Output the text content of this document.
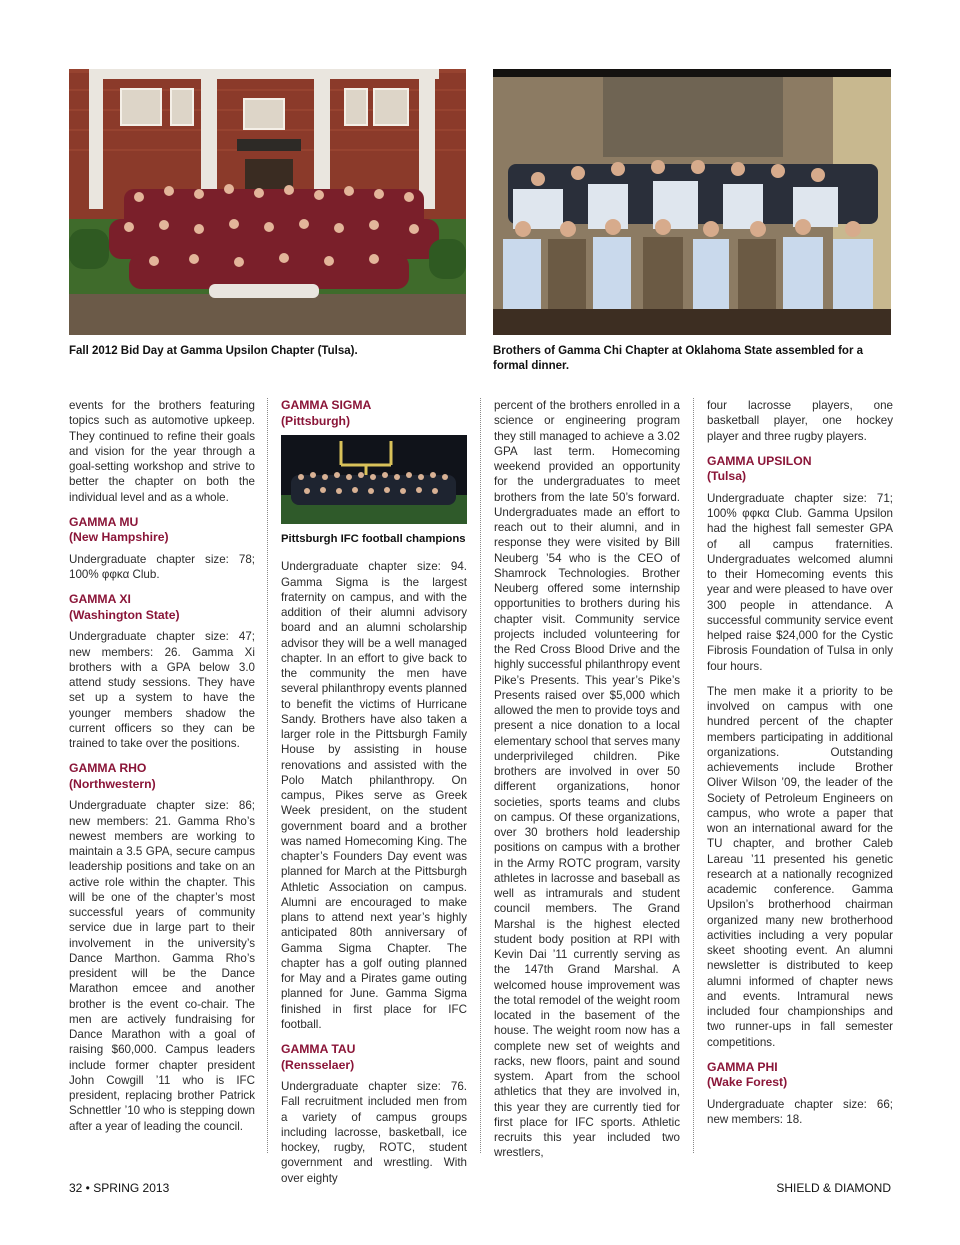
Fall 2012 Bid Day at Gamma Upsilon Chapter (Tulsa).	Brothers of Gamma Chi Chapter at Oklahoma State assembled for a formal dinner.

events for the brothers featuring topics such as automotive upkeep. They continued to refine their goals and vision for the year through a goal-setting workshop and strive to better the chapter on both the individual level and as a whole.

GAMMA MU
(New Hampshire)

Undergraduate chapter size: 78; 100% φφκα Club.

GAMMA XI
(Washington State)

Undergraduate chapter size: 47; new members: 26. Gamma Xi brothers with a GPA below 3.0 attend study sessions. They have set up a system to have the younger members shadow the current officers so they can be trained to take over the positions.

GAMMA RHO
(Northwestern)

Undergraduate chapter size: 86; new members: 21. Gamma Rho’s newest members are working to maintain a 3.5 GPA, secure campus leadership positions and take on an active role within the chapter. This will be one of the chapter’s most successful years of community service due in large part to their involvement in the university’s Dance Marthon. Gamma Rho’s president will be the Dance Marathon emcee and another brother is the event co-chair. The men are actively fundraising for Dance Marathon with a goal of raising $60,000. Campus leaders include former chapter president John Cowgill ’11 who is IFC president, replacing brother Patrick Schnettler ’10 who is stepping down after a year of leading the council.

GAMMA SIGMA
(Pittsburgh)
Pittsburgh IFC football champions

Undergraduate chapter size: 94. Gamma Sigma is the largest fraternity on campus, and with the addition of their alumni advisory board and an alumni scholarship advisor they will be a well managed chapter. In an effort to give back to the community the men have several philanthropy events planned to benefit the victims of Hurricane Sandy. Brothers have also taken a larger role in the Pittsburgh Family House by assisting in house renovations and assisted with the Polo Match philanthropy. On campus, Pikes serve as Greek Week president, on the student government board and a brother was named Homecoming King. The chapter’s Founders Day event was planned for March at the Pittsburgh Athletic Association on campus. Alumni are encouraged to make plans to attend next year’s highly anticipated 80th anniversary of Gamma Sigma Chapter. The chapter has a golf outing planned for May and a Pirates game outing planned for June. Gamma Sigma finished in first place for IFC football.

GAMMA TAU
(Rensselaer)

Undergraduate chapter size: 76. Fall recruitment included men from a variety of campus groups including lacrosse, basketball, ice hockey, rugby, ROTC, student government and wrestling. With over eighty

percent of the brothers enrolled in a science or engineering program they still managed to achieve a 3.02 GPA last term. Homecoming weekend provided an opportunity for the undergraduates to meet brothers from the late 50’s forward. Undergraduates made an effort to reach out to their alumni, and in response they were visited by Bill Neuberg ’54 who is the CEO of Shamrock Technologies. Brother Neuberg offered some internship opportunities to brothers during his chapter visit. Community service projects included volunteering for the Red Cross Blood Drive and the highly successful philanthropy event Pike’s Presents. This year’s Pike’s Presents raised over $5,000 which allowed the men to provide toys and present a nice donation to a local elementary school that serves many underprivileged children. Pike brothers are involved in over 50 different organizations, honor societies, sports teams and clubs on campus. Of these organizations, over 30 brothers hold leadership positions on campus with a brother in the Army ROTC program, varsity athletes in lacrosse and baseball as well as intramurals and student council members. The Grand Marshal is the highest elected student body position at RPI with Kevin Dai ’11 currently serving as the 147th Grand Marshal. A welcomed house improvement was the total remodel of the weight room located in the basement of the house. The weight room now has a complete new set of weights and racks, new floors, paint and sound system. Apart from the school athletics that they are involved in, this year they are currently tied for first place for IFC sports. Athletic recruits this year included two wrestlers,

four lacrosse players, one basketball player, one hockey player and three rugby players.

GAMMA UPSILON
(Tulsa)

Undergraduate chapter size: 71; 100% φφκα Club. Gamma Upsilon had the highest fall semester GPA of all campus fraternities. Undergraduates welcomed alumni to their Homecoming events this year and were pleased to have over 300 people in attendance. A successful community service event helped raise $24,000 for the Cystic Fibrosis Foundation of Tulsa in only four hours.

The men make it a priority to be involved on campus with one hundred percent of the chapter members participating in additional organizations. Outstanding achievements include Brother Oliver Wilson ’09, the leader of the Society of Petroleum Engineers on campus, who wrote a paper that won an international award for the TU chapter, and brother Caleb Lareau ’11 presented his genetic research at a nationally recognized academic conference. Gamma Upsilon’s brotherhood chairman organized many new brotherhood activities including a very popular skeet shooting event. An alumni newsletter is distributed to keep alumni informed of chapter news and events. Intramural news included four championships and two runner-ups in fall semester competitions.

GAMMA PHI
(Wake Forest)

Undergraduate chapter size: 66; new members: 18.

32 • SPRING 2013	SHIELD & DIAMOND
